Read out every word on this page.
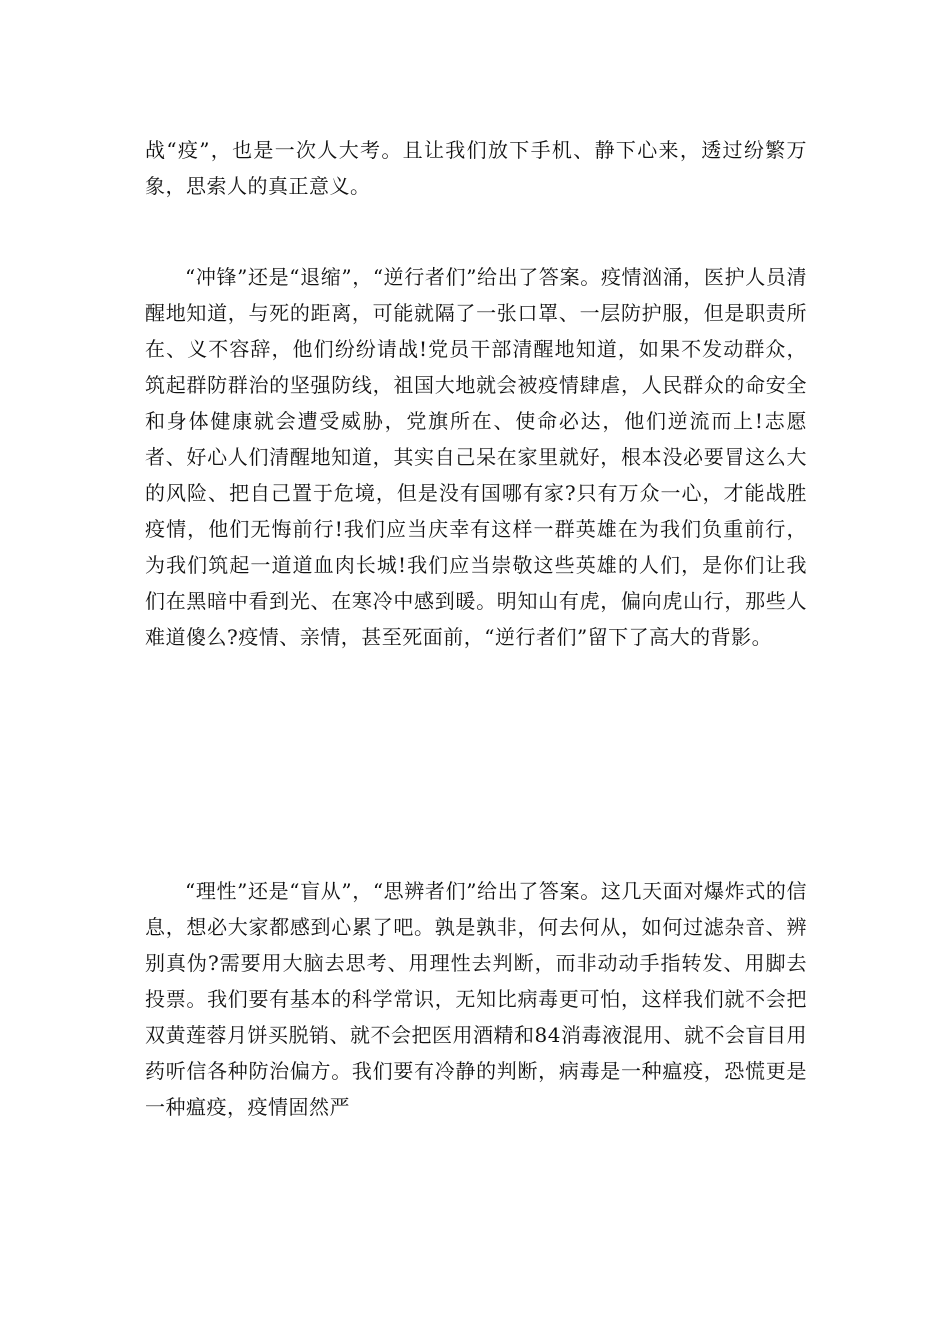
战“疫”，也是一次人大考。且让我们放下手机、静下心来，透过纷繁万象，思索人的真正意义。

“冲锋”还是“退缩”，“逆行者们”给出了答案。疫情汹涌，医护人员清醒地知道，与死的距离，可能就隔了一张口罩、一层防护服，但是职责所在、义不容辞，他们纷纷请战!党员干部清醒地知道，如果不发动群众，筑起群防群治的坚强防线，祖国大地就会被疫情肆虐，人民群众的命安全和身体健康就会遭受威胁，党旗所在、使命必达，他们逆流而上!志愿者、好心人们清醒地知道，其实自己呆在家里就好，根本没必要冒这么大的风险、把自己置于危境，但是没有国哪有家?只有万众一心，才能战胜疫情，他们无悔前行!我们应当庆幸有这样一群英雄在为我们负重前行，为我们筑起一道道血肉长城!我们应当崇敬这些英雄的人们，是你们让我们在黑暗中看到光、在寒冷中感到暖。明知山有虎，偏向虎山行，那些人难道傻么?疫情、亲情，甚至死面前，“逆行者们”留下了高大的背影。

“理性”还是“盲从”，“思辨者们”给出了答案。这几天面对爆炸式的信息，想必大家都感到心累了吧。孰是孰非，何去何从，如何过滤杂音、辨别真伪?需要用大脑去思考、用理性去判断，而非动动手指转发、用脚去投票。我们要有基本的科学常识，无知比病毒更可怕，这样我们就不会把双黄莲蓉月饼买脱销、就不会把医用酒精和84消毒液混用、就不会盲目用药听信各种防治偏方。我们要有冷静的判断，病毒是一种瘟疫，恐慌更是一种瘟疫，疫情固然严
